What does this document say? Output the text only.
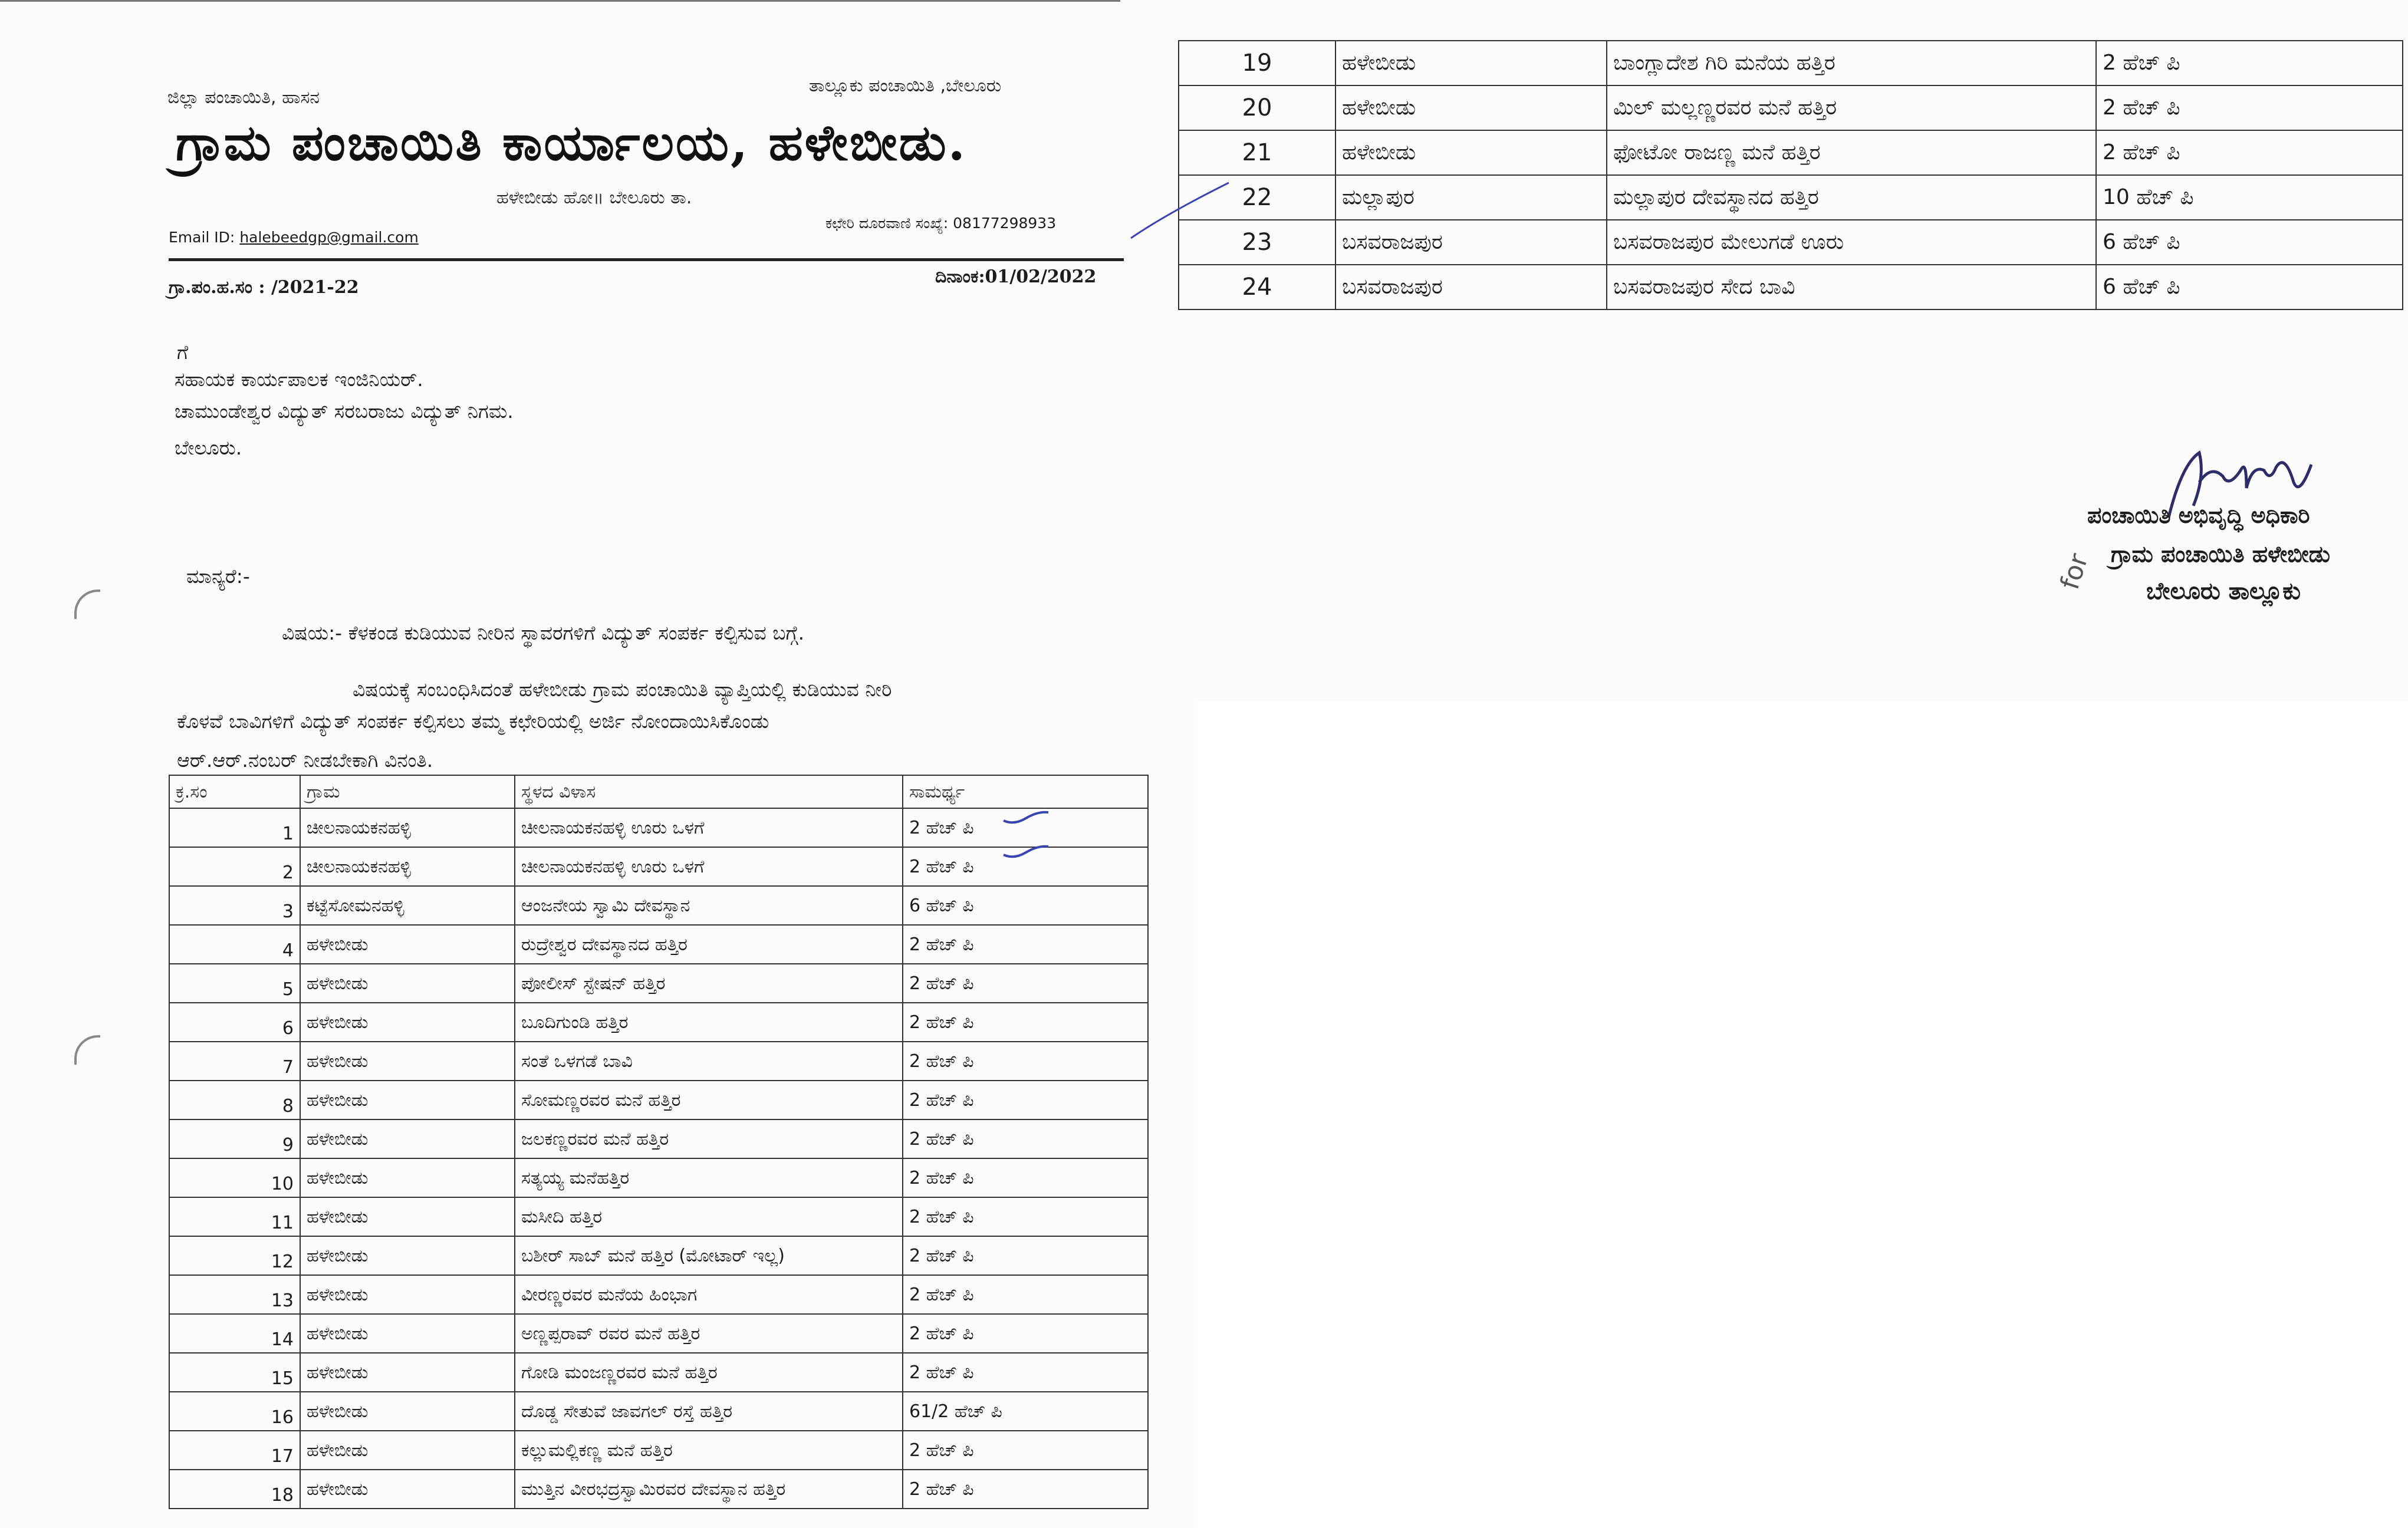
ಜಿಲ್ಲಾ ಪಂಚಾಯಿತಿ, ಹಾಸನ
ತಾಲ್ಲೂಕು ಪಂಚಾಯಿತಿ ,ಬೇಲೂರು
ಗ್ರಾಮ ಪಂಚಾಯಿತಿ ಕಾರ್ಯಾಲಯ, ಹಳೇಬೀಡು.
ಹಳೇಬೀಡು ಹೋ॥ ಬೇಲೂರು ತಾ.
Email ID: halebeedgp@gmail.com
ಕಛೇರಿ ದೂರವಾಣಿ ಸಂಖ್ಯೆ: 08177298933
ಗ್ರಾ.ಪಂ.ಹ.ಸಂ : /2021-22
ದಿನಾಂಕ:01/02/2022
ಗೆ
ಸಹಾಯಕ ಕಾರ್ಯಪಾಲಕ ಇಂಜಿನಿಯರ್.
ಚಾಮುಂಡೇಶ್ವರ ವಿದ್ಯುತ್ ಸರಬರಾಜು ವಿದ್ಯುತ್ ನಿಗಮ.
ಬೇಲೂರು.
ಮಾನ್ಯರೆ:-
ವಿಷಯ:- ಕೆಳಕಂಡ ಕುಡಿಯುವ ನೀರಿನ ಸ್ಥಾವರಗಳಿಗೆ ವಿದ್ಯುತ್ ಸಂಪರ್ಕ ಕಲ್ಪಿಸುವ ಬಗ್ಗೆ.
ವಿಷಯಕ್ಕೆ ಸಂಬಂಧಿಸಿದಂತೆ ಹಳೇಬೀಡು ಗ್ರಾಮ ಪಂಚಾಯಿತಿ ವ್ಯಾಪ್ತಿಯಲ್ಲಿ ಕುಡಿಯುವ ನೀರಿ
ಕೊಳವೆ ಬಾವಿಗಳಿಗೆ ವಿದ್ಯುತ್ ಸಂಪರ್ಕ ಕಲ್ಪಿಸಲು ತಮ್ಮ ಕಛೇರಿಯಲ್ಲಿ ಅರ್ಜಿ ನೋಂದಾಯಿಸಿಕೊಂಡು
ಆರ್.ಆರ್.ನಂಬರ್ ನೀಡಬೇಕಾಗಿ ವಿನಂತಿ.
ಕ್ರ.ಸಂ	ಗ್ರಾಮ	ಸ್ಥಳದ ವಿಳಾಸ	ಸಾಮರ್ಥ್ಯ
1	ಚೀಲನಾಯಕನಹಳ್ಳಿ	ಚೀಲನಾಯಕನಹಳ್ಳಿ ಊರು ಒಳಗೆ	2 ಹೆಚ್ ಪಿ
2	ಚೀಲನಾಯಕನಹಳ್ಳಿ	ಚೀಲನಾಯಕನಹಳ್ಳಿ ಊರು ಒಳಗೆ	2 ಹೆಚ್ ಪಿ
3	ಕಟ್ಟೆಸೋಮನಹಳ್ಳಿ	ಆಂಜನೇಯ ಸ್ವಾಮಿ ದೇವಸ್ಥಾನ	6 ಹೆಚ್ ಪಿ
4	ಹಳೇಬೀಡು	ರುದ್ರೇಶ್ವರ ದೇವಸ್ಥಾನದ ಹತ್ತಿರ	2 ಹೆಚ್ ಪಿ
5	ಹಳೇಬೀಡು	ಪೋಲೀಸ್ ಸ್ಟೇಷನ್ ಹತ್ತಿರ	2 ಹೆಚ್ ಪಿ
6	ಹಳೇಬೀಡು	ಬೂದಿಗುಂಡಿ ಹತ್ತಿರ	2 ಹೆಚ್ ಪಿ
7	ಹಳೇಬೀಡು	ಸಂತೆ ಒಳಗಡೆ ಬಾವಿ	2 ಹೆಚ್ ಪಿ
8	ಹಳೇಬೀಡು	ಸೋಮಣ್ಣರವರ ಮನೆ ಹತ್ತಿರ	2 ಹೆಚ್ ಪಿ
9	ಹಳೇಬೀಡು	ಜಲಕಣ್ಣರವರ ಮನೆ ಹತ್ತಿರ	2 ಹೆಚ್ ಪಿ
10	ಹಳೇಬೀಡು	ಸತ್ಯಯ್ಯ ಮನೆಹತ್ತಿರ	2 ಹೆಚ್ ಪಿ
11	ಹಳೇಬೀಡು	ಮಸೀದಿ ಹತ್ತಿರ	2 ಹೆಚ್ ಪಿ
12	ಹಳೇಬೀಡು	ಬಶೀರ್ ಸಾಬ್ ಮನೆ ಹತ್ತಿರ (ಮೋಟಾರ್ ಇಲ್ಲ)	2 ಹೆಚ್ ಪಿ
13	ಹಳೇಬೀಡು	ವೀರಣ್ಣರವರ ಮನೆಯ ಹಿಂಭಾಗ	2 ಹೆಚ್ ಪಿ
14	ಹಳೇಬೀಡು	ಅಣ್ಣಪ್ಪರಾವ್ ರವರ ಮನೆ ಹತ್ತಿರ	2 ಹೆಚ್ ಪಿ
15	ಹಳೇಬೀಡು	ಗೋಡಿ ಮಂಜಣ್ಣರವರ ಮನೆ ಹತ್ತಿರ	2 ಹೆಚ್ ಪಿ
16	ಹಳೇಬೀಡು	ದೊಡ್ಡ ಸೇತುವೆ ಜಾವಗಲ್ ರಸ್ತೆ ಹತ್ತಿರ	61/2 ಹೆಚ್ ಪಿ
17	ಹಳೇಬೀಡು	ಕಲ್ಲುಮಲ್ಲಿಕಣ್ಣ ಮನೆ ಹತ್ತಿರ	2 ಹೆಚ್ ಪಿ
18	ಹಳೇಬೀಡು	ಮುತ್ತಿನ ವೀರಭದ್ರಸ್ವಾಮಿರವರ ದೇವಸ್ಥಾನ ಹತ್ತಿರ	2 ಹೆಚ್ ಪಿ
19	ಹಳೇಬೀಡು	ಬಾಂಗ್ಲಾದೇಶ ಗಿರಿ ಮನೆಯ ಹತ್ತಿರ	2 ಹೆಚ್ ಪಿ
20	ಹಳೇಬೀಡು	ಮಿಲ್ ಮಲ್ಲಣ್ಣರವರ ಮನೆ ಹತ್ತಿರ	2 ಹೆಚ್ ಪಿ
21	ಹಳೇಬೀಡು	ಫೋಟೋ ರಾಜಣ್ಣ ಮನೆ ಹತ್ತಿರ	2 ಹೆಚ್ ಪಿ
22	ಮಲ್ಲಾಪುರ	ಮಲ್ಲಾಪುರ ದೇವಸ್ಥಾನದ ಹತ್ತಿರ	10 ಹೆಚ್ ಪಿ
23	ಬಸವರಾಜಪುರ	ಬಸವರಾಜಪುರ ಮೇಲುಗಡೆ ಊರು	6 ಹೆಚ್ ಪಿ
24	ಬಸವರಾಜಪುರ	ಬಸವರಾಜಪುರ ಸೇದ ಬಾವಿ	6 ಹೆಚ್ ಪಿ
ಪಂಚಾಯಿತಿ ಅಭಿವೃದ್ಧಿ ಅಧಿಕಾರಿ
for ಗ್ರಾಮ ಪಂಚಾಯಿತಿ ಹಳೇಬೀಡು
ಬೇಲೂರು ತಾಲ್ಲೂಕು
